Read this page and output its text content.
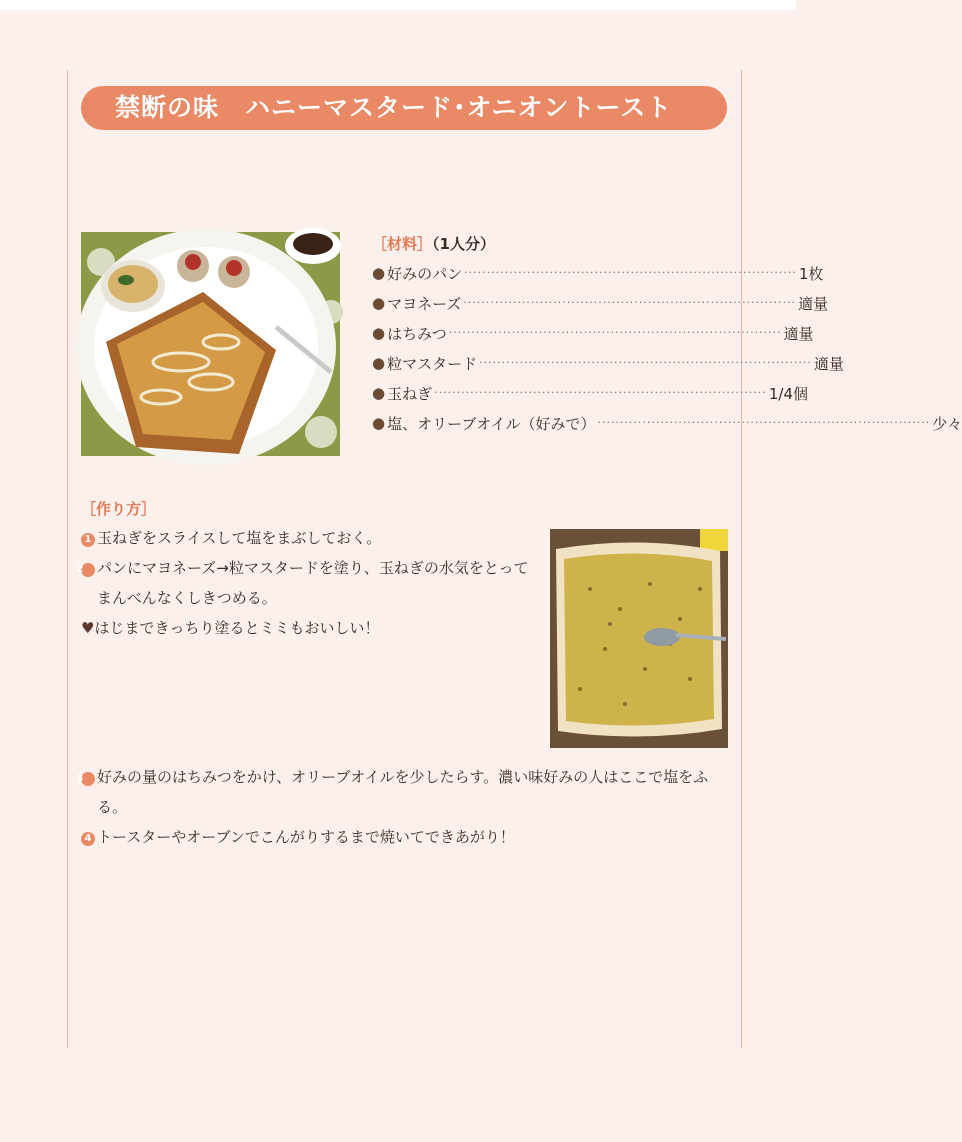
禁断の味　ハニーマスタード･オニオントースト
［材料］（1人分）
● 好みのパン ·········································································· 1枚
● マヨネーズ ·········································································· 適量
● はちみつ ·········································································· 適量
● 粒マスタード ·········································································· 適量
● 玉ねぎ ·········································································· 1/4個
● 塩、オリーブオイル（好みで） ·········································································· 少々
［作り方］
1 玉ねぎをスライスして塩をまぶしておく。
2 パンにマヨネーズ→粒マスタードを塗り、玉ねぎの水気をとってまんべんなくしきつめる。
♥はじまできっちり塗るとミミもおいしい！
3 好みの量のはちみつをかけ、オリーブオイルを少したらす。濃い味好みの人はここで塩をふる。
4 トースターやオーブンでこんがりするまで焼いてできあがり！
